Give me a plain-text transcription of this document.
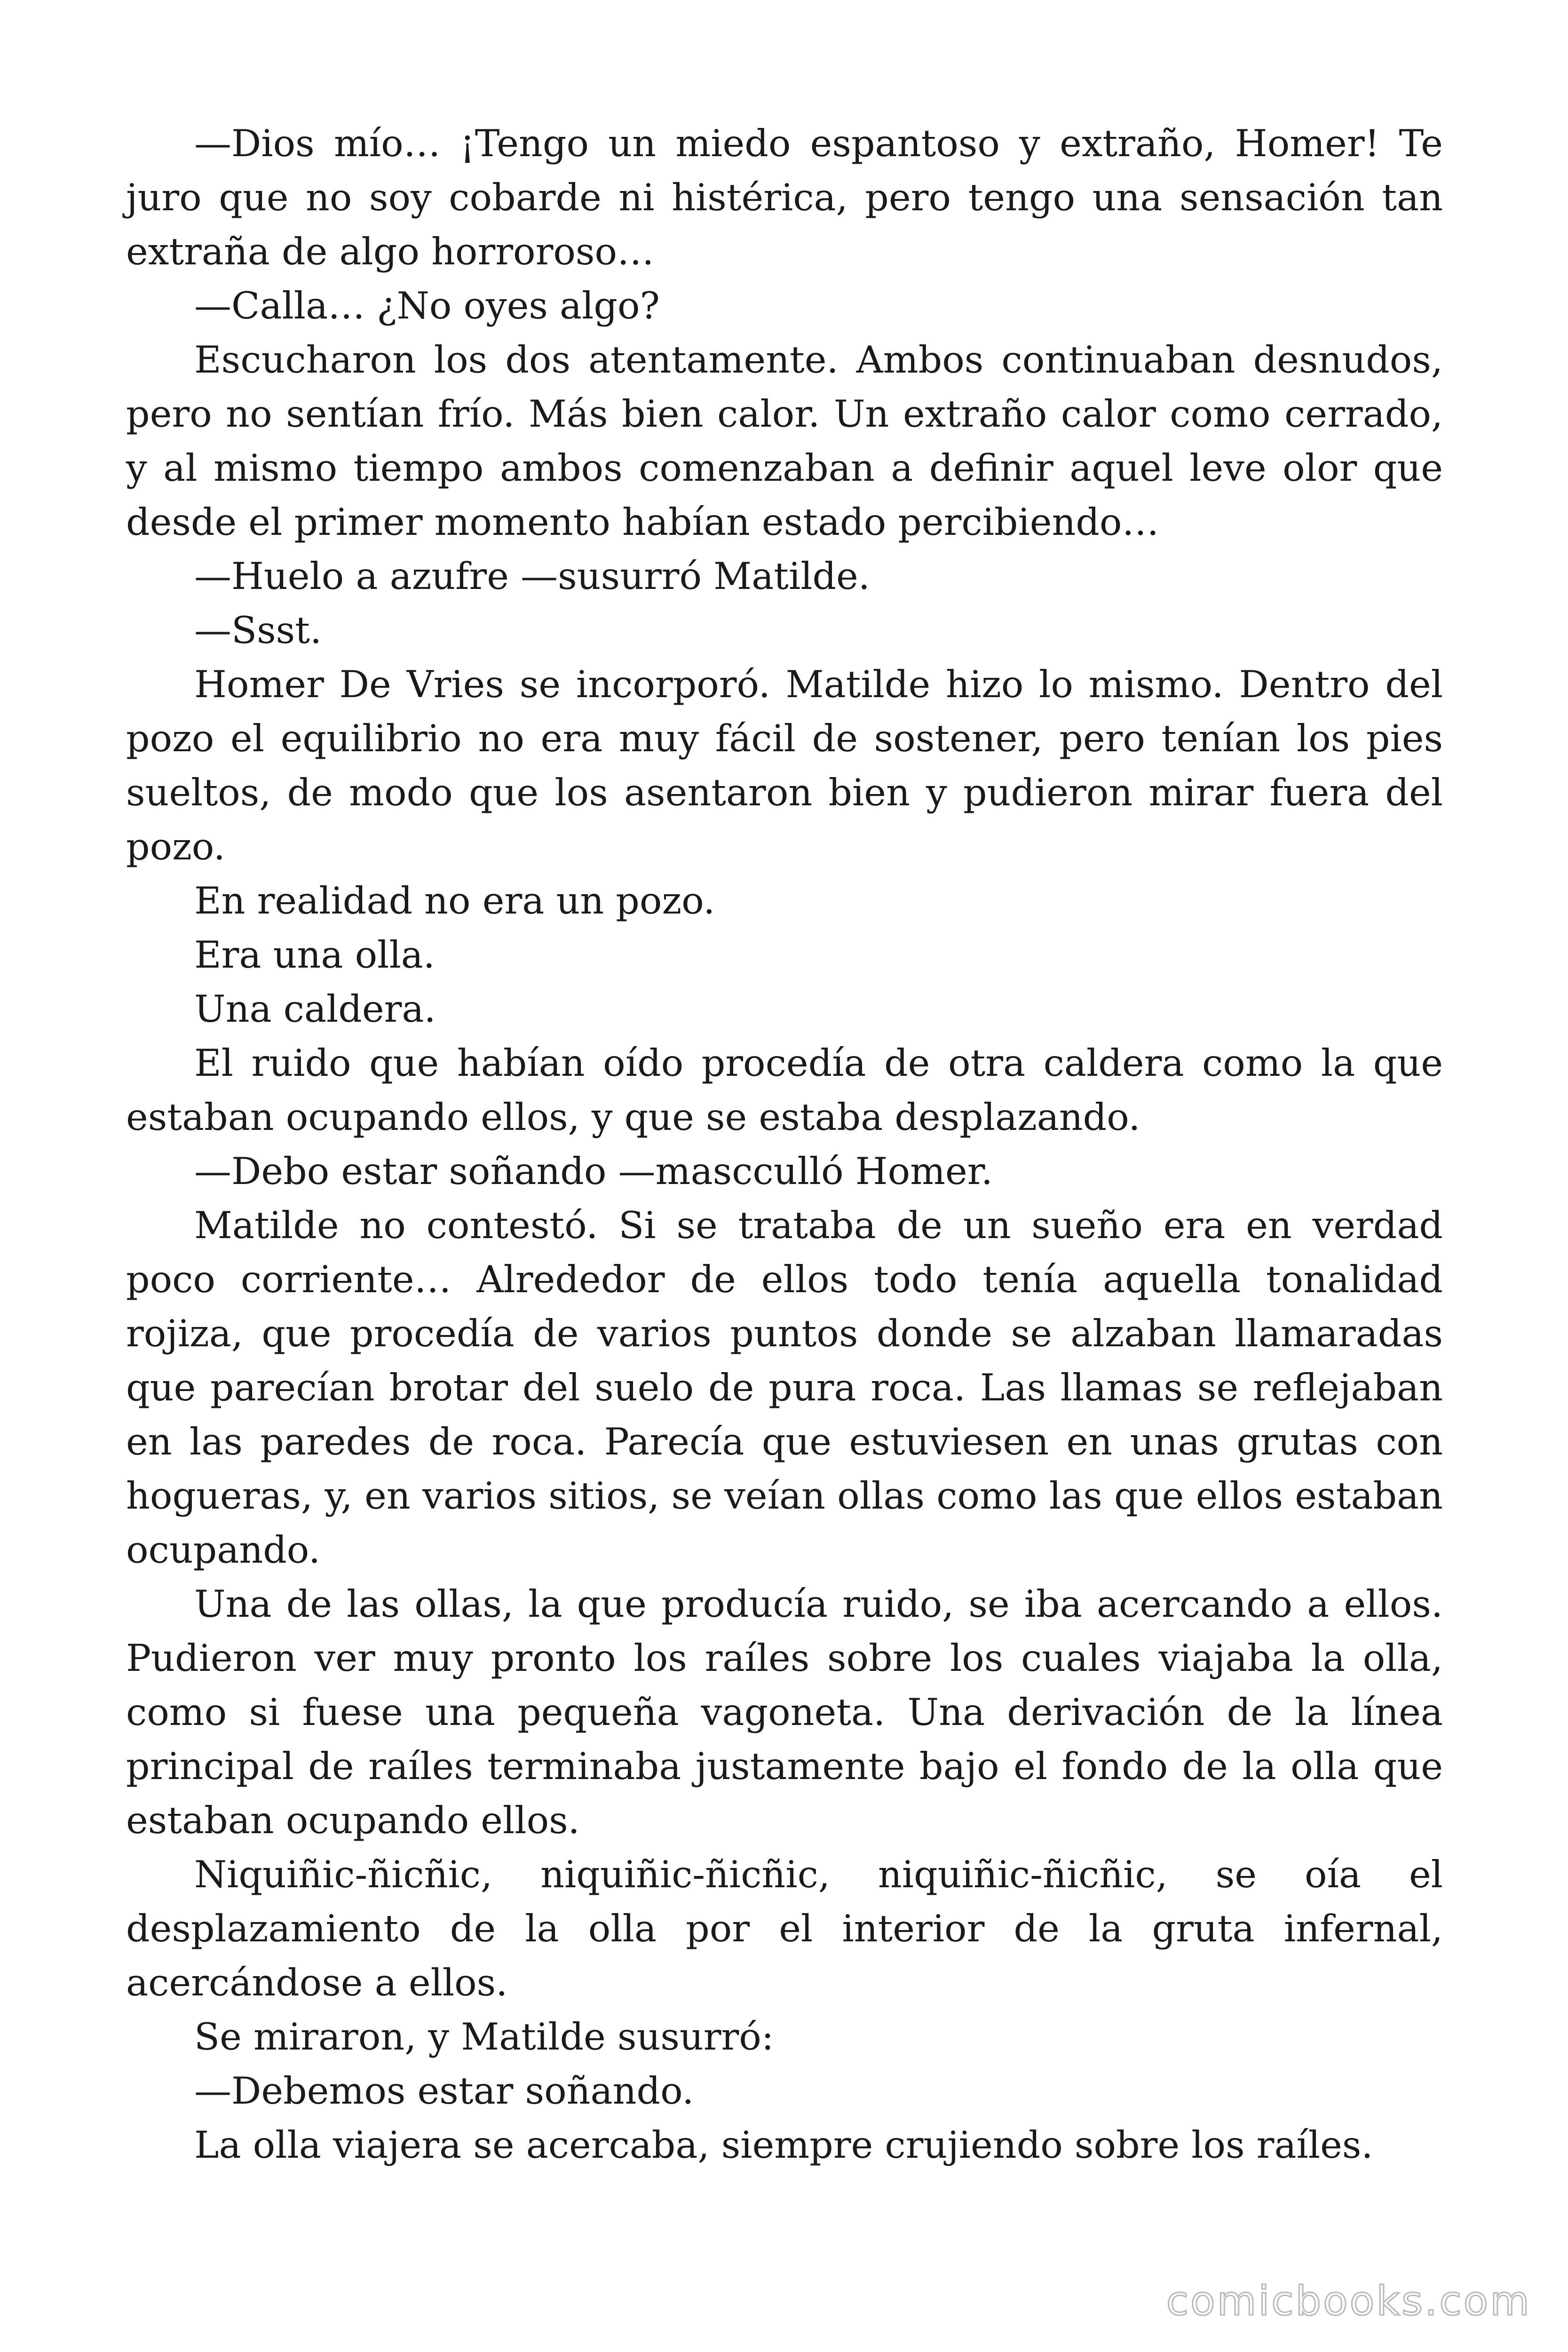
—Dios mío… ¡Tengo un miedo espantoso y extraño, Homer! Te juro que no soy cobarde ni histérica, pero tengo una sensación tan extraña de algo horroroso…

—Calla… ¿No oyes algo?

Escucharon los dos atentamente. Ambos continuaban desnudos, pero no sentían frío. Más bien calor. Un extraño calor como cerrado, y al mismo tiempo ambos comenzaban a definir aquel leve olor que desde el primer momento habían estado percibiendo…

—Huelo a azufre —susurró Matilde.

—Ssst.

Homer De Vries se incorporó. Matilde hizo lo mismo. Dentro del pozo el equilibrio no era muy fácil de sostener, pero tenían los pies sueltos, de modo que los asentaron bien y pudieron mirar fuera del pozo.

En realidad no era un pozo.

Era una olla.

Una caldera.

El ruido que habían oído procedía de otra caldera como la que estaban ocupando ellos, y que se estaba desplazando.

—Debo estar soñando —mascculló Homer.

Matilde no contestó. Si se trataba de un sueño era en verdad poco corriente… Alrededor de ellos todo tenía aquella tonalidad rojiza, que procedía de varios puntos donde se alzaban llamaradas que parecían brotar del suelo de pura roca. Las llamas se reflejaban en las paredes de roca. Parecía que estuviesen en unas grutas con hogueras, y, en varios sitios, se veían ollas como las que ellos estaban ocupando.

Una de las ollas, la que producía ruido, se iba acercando a ellos. Pudieron ver muy pronto los raíles sobre los cuales viajaba la olla, como si fuese una pequeña vagoneta. Una derivación de la línea principal de raíles terminaba justamente bajo el fondo de la olla que estaban ocupando ellos.

Niquiñic-ñicñic, niquiñic-ñicñic, niquiñic-ñicñic, se oía el desplazamiento de la olla por el interior de la gruta infernal, acercándose a ellos.

Se miraron, y Matilde susurró:

—Debemos estar soñando.

La olla viajera se acercaba, siempre crujiendo sobre los raíles.

comicbooks.com
